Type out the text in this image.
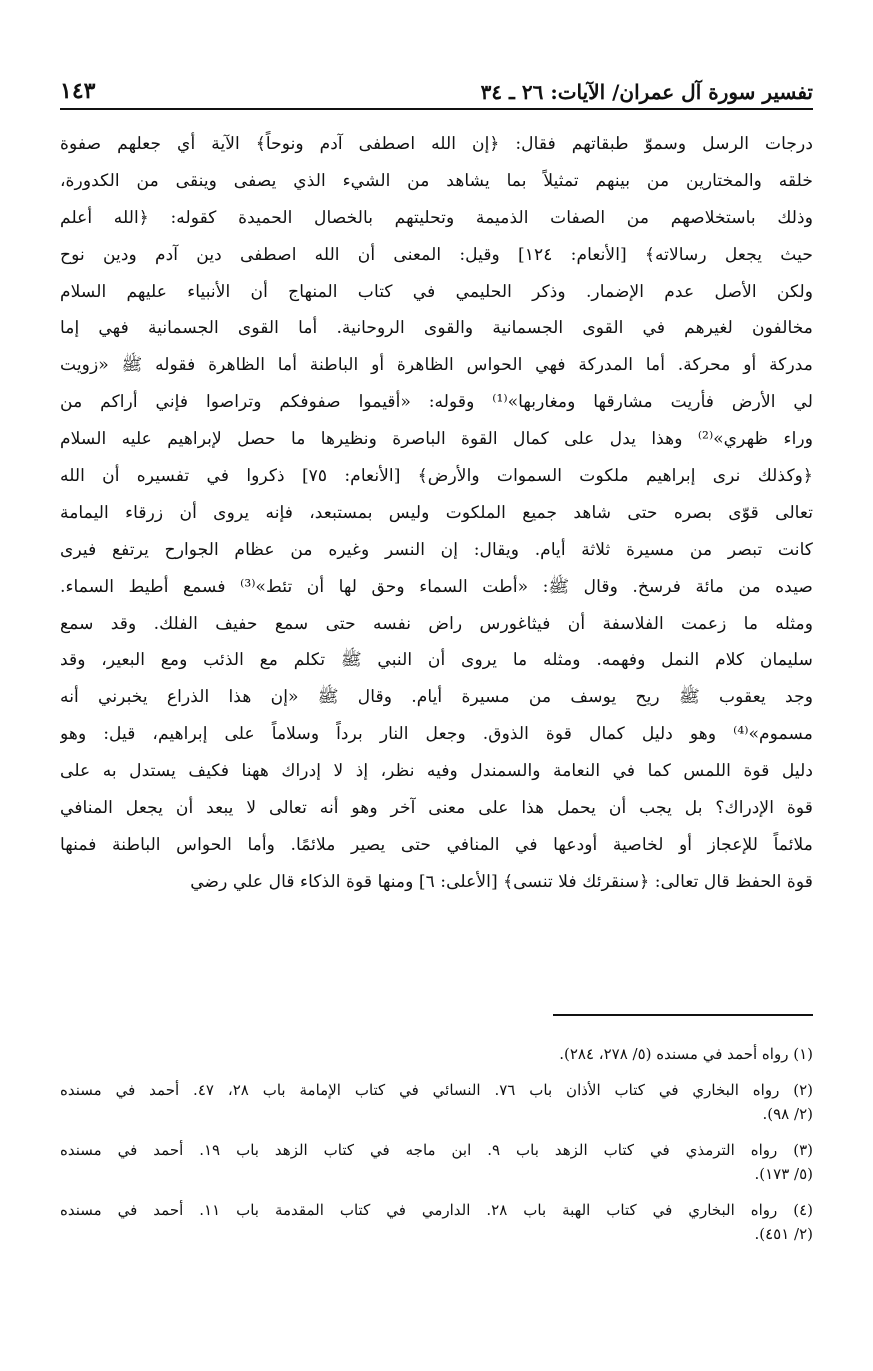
تفسير سورة آل عمران/ الآيات: ٢٦ ـ ٣٤
١٤٣
درجات الرسل وسموّ طبقاتهم فقال: ﴿إن الله اصطفى آدم ونوحاً﴾ الآية أي جعلهم صفوة
خلقه والمختارين من بينهم تمثيلاً بما يشاهد من الشيء الذي يصفى وينقى من الكدورة،
وذلك باستخلاصهم من الصفات الذميمة وتحليتهم بالخصال الحميدة كقوله: ﴿الله أعلم
حيث يجعل رسالاته﴾ [الأنعام: ١٢٤] وقيل: المعنى أن الله اصطفى دين آدم ودين نوح
ولكن الأصل عدم الإضمار. وذكر الحليمي في كتاب المنهاج أن الأنبياء عليهم السلام
مخالفون لغيرهم في القوى الجسمانية والقوى الروحانية. أما القوى الجسمانية فهي إما
مدركة أو محركة. أما المدركة فهي الحواس الظاهرة أو الباطنة أما الظاهرة فقوله ﷺ «زويت
لي الأرض فأريت مشارقها ومغاربها»⁽¹⁾ وقوله: «أقيموا صفوفكم وتراصوا فإني أراكم من
وراء ظهري»⁽²⁾ وهذا يدل على كمال القوة الباصرة ونظيرها ما حصل لإبراهيم عليه السلام
﴿وكذلك نرى إبراهيم ملكوت السموات والأرض﴾ [الأنعام: ٧٥] ذكروا في تفسيره أن الله
تعالى قوّى بصره حتى شاهد جميع الملكوت وليس بمستبعد، فإنه يروى أن زرقاء اليمامة
كانت تبصر من مسيرة ثلاثة أيام. ويقال: إن النسر وغيره من عظام الجوارح يرتفع فيرى
صيده من مائة فرسخ. وقال ﷺ: «أطت السماء وحق لها أن تئط»⁽³⁾ فسمع أطيط السماء.
ومثله ما زعمت الفلاسفة أن فيثاغورس راض نفسه حتى سمع حفيف الفلك. وقد سمع
سليمان كلام النمل وفهمه. ومثله ما يروى أن النبي ﷺ تكلم مع الذئب ومع البعير، وقد
وجد يعقوب ﷺ ريح يوسف من مسيرة أيام. وقال ﷺ «إن هذا الذراع يخبرني أنه
مسموم»⁽⁴⁾ وهو دليل كمال قوة الذوق. وجعل النار برداً وسلاماً على إبراهيم، قيل: وهو
دليل قوة اللمس كما في النعامة والسمندل وفيه نظر، إذ لا إدراك ههنا فكيف يستدل به على
قوة الإدراك؟ بل يجب أن يحمل هذا على معنى آخر وهو أنه تعالى لا يبعد أن يجعل المنافي
ملائماً للإعجاز أو لخاصية أودعها في المنافي حتى يصير ملائمًا. وأما الحواس الباطنة فمنها
قوة الحفظ قال تعالى: ﴿سنقرئك فلا تنسى﴾ [الأعلى: ٦] ومنها قوة الذكاء قال علي رضي
(١) رواه أحمد في مسنده (٥/ ٢٧٨، ٢٨٤).
(٢) رواه البخاري في كتاب الأذان باب ٧٦. النسائي في كتاب الإمامة باب ٢٨، ٤٧. أحمد في مسنده
(٢/ ٩٨).
(٣) رواه الترمذي في كتاب الزهد باب ٩. ابن ماجه في كتاب الزهد باب ١٩. أحمد في مسنده
(٥/ ١٧٣).
(٤) رواه البخاري في كتاب الهبة باب ٢٨. الدارمي في كتاب المقدمة باب ١١. أحمد في مسنده
(٢/ ٤٥١).
